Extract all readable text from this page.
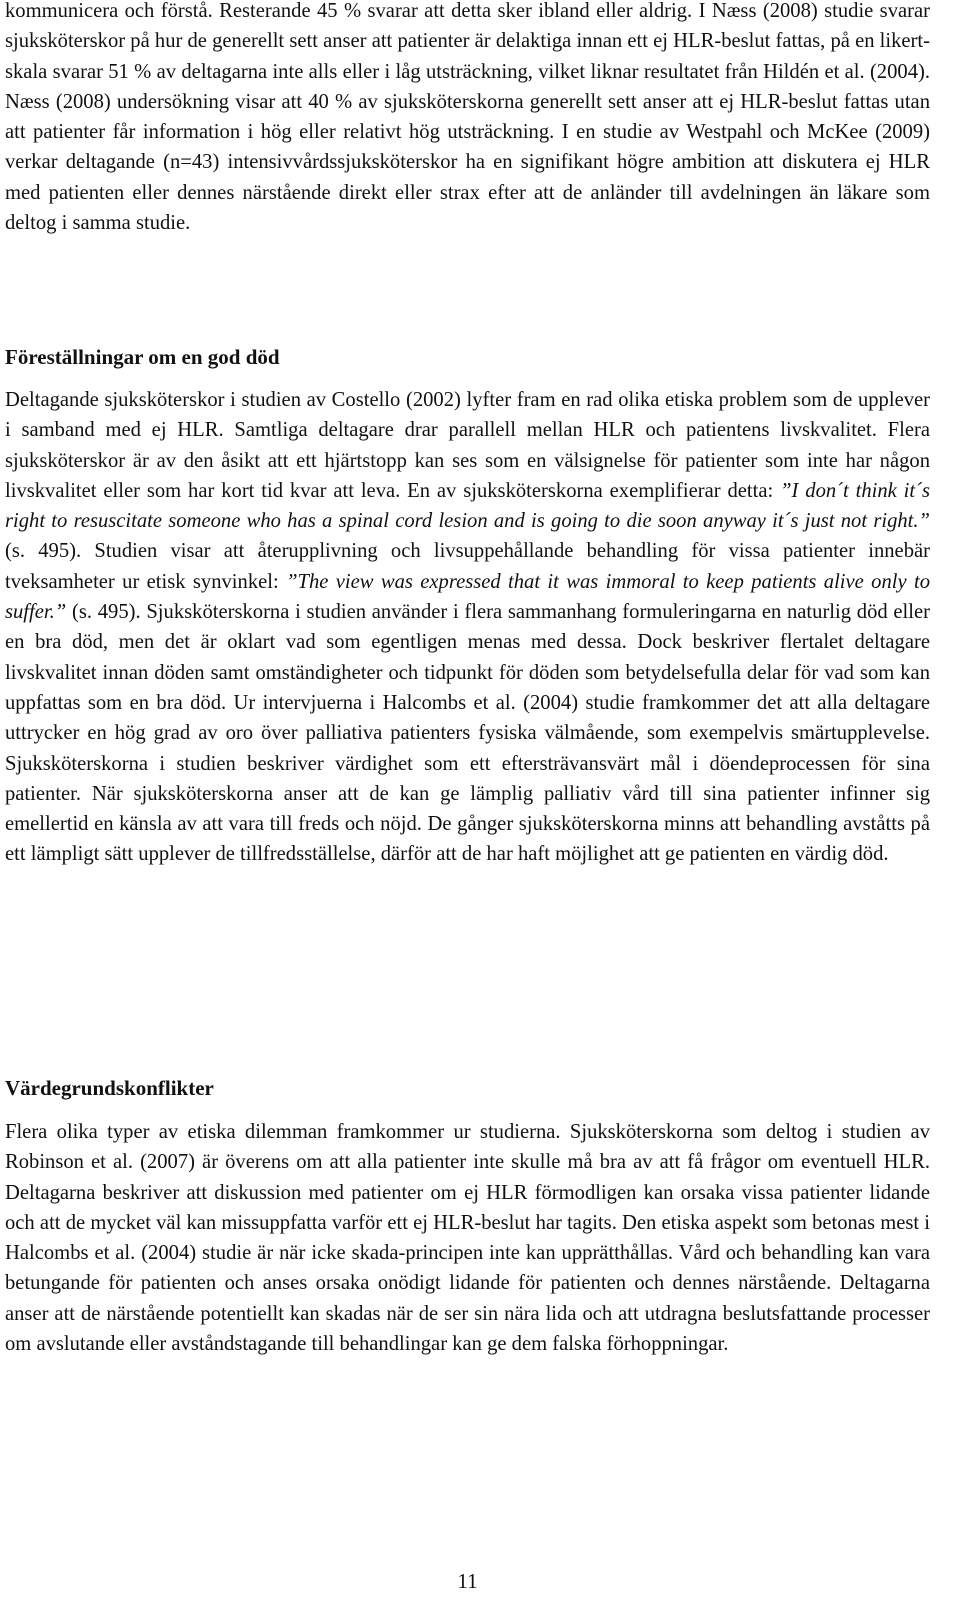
kommunicera och förstå. Resterande 45 % svarar att detta sker ibland eller aldrig. I Næss (2008) studie svarar sjuksköterskor på hur de generellt sett anser att patienter är delaktiga innan ett ej HLR-beslut fattas, på en likert-skala svarar 51 % av deltagarna inte alls eller i låg utsträckning, vilket liknar resultatet från Hildén et al. (2004). Næss (2008) undersökning visar att 40 % av sjuksköterskorna generellt sett anser att ej HLR-beslut fattas utan att patienter får information i hög eller relativt hög utsträckning. I en studie av Westpahl och McKee (2009) verkar deltagande (n=43) intensivvårdssjuksköterskor ha en signifikant högre ambition att diskutera ej HLR med patienten eller dennes närstående direkt eller strax efter att de anländer till avdelningen än läkare som deltog i samma studie.

Föreställningar om en god död

Deltagande sjuksköterskor i studien av Costello (2002) lyfter fram en rad olika etiska problem som de upplever i samband med ej HLR. Samtliga deltagare drar parallell mellan HLR och patientens livskvalitet. Flera sjuksköterskor är av den åsikt att ett hjärtstopp kan ses som en välsignelse för patienter som inte har någon livskvalitet eller som har kort tid kvar att leva. En av sjuksköterskorna exemplifierar detta: ”I don´t think it´s right to resuscitate someone who has a spinal cord lesion and is going to die soon anyway it´s just not right.” (s. 495). Studien visar att återupplivning och livsuppehållande behandling för vissa patienter innebär tveksamheter ur etisk synvinkel: ”The view was expressed that it was immoral to keep patients alive only to suffer.” (s. 495). Sjuksköterskorna i studien använder i flera sammanhang formuleringarna en naturlig död eller en bra död, men det är oklart vad som egentligen menas med dessa. Dock beskriver flertalet deltagare livskvalitet innan döden samt omständigheter och tidpunkt för döden som betydelsefulla delar för vad som kan uppfattas som en bra död. Ur intervjuerna i Halcombs et al. (2004) studie framkommer det att alla deltagare uttrycker en hög grad av oro över palliativa patienters fysiska välmående, som exempelvis smärtupplevelse. Sjuksköterskorna i studien beskriver värdighet som ett eftersträvansvärt mål i döendeprocessen för sina patienter. När sjuksköterskorna anser att de kan ge lämplig palliativ vård till sina patienter infinner sig emellertid en känsla av att vara till freds och nöjd. De gånger sjuksköterskorna minns att behandling avståtts på ett lämpligt sätt upplever de tillfredsställelse, därför att de har haft möjlighet att ge patienten en värdig död.

Värdegrundskonflikter

Flera olika typer av etiska dilemman framkommer ur studierna. Sjuksköterskorna som deltog i studien av Robinson et al. (2007) är överens om att alla patienter inte skulle må bra av att få frågor om eventuell HLR. Deltagarna beskriver att diskussion med patienter om ej HLR förmodligen kan orsaka vissa patienter lidande och att de mycket väl kan missuppfatta varför ett ej HLR-beslut har tagits. Den etiska aspekt som betonas mest i Halcombs et al. (2004) studie är när icke skada-principen inte kan upprätthållas. Vård och behandling kan vara betungande för patienten och anses orsaka onödigt lidande för patienten och dennes närstående. Deltagarna anser att de närstående potentiellt kan skadas när de ser sin nära lida och att utdragna beslutsfattande processer om avslutande eller avståndstagande till behandlingar kan ge dem falska förhoppningar.

11
